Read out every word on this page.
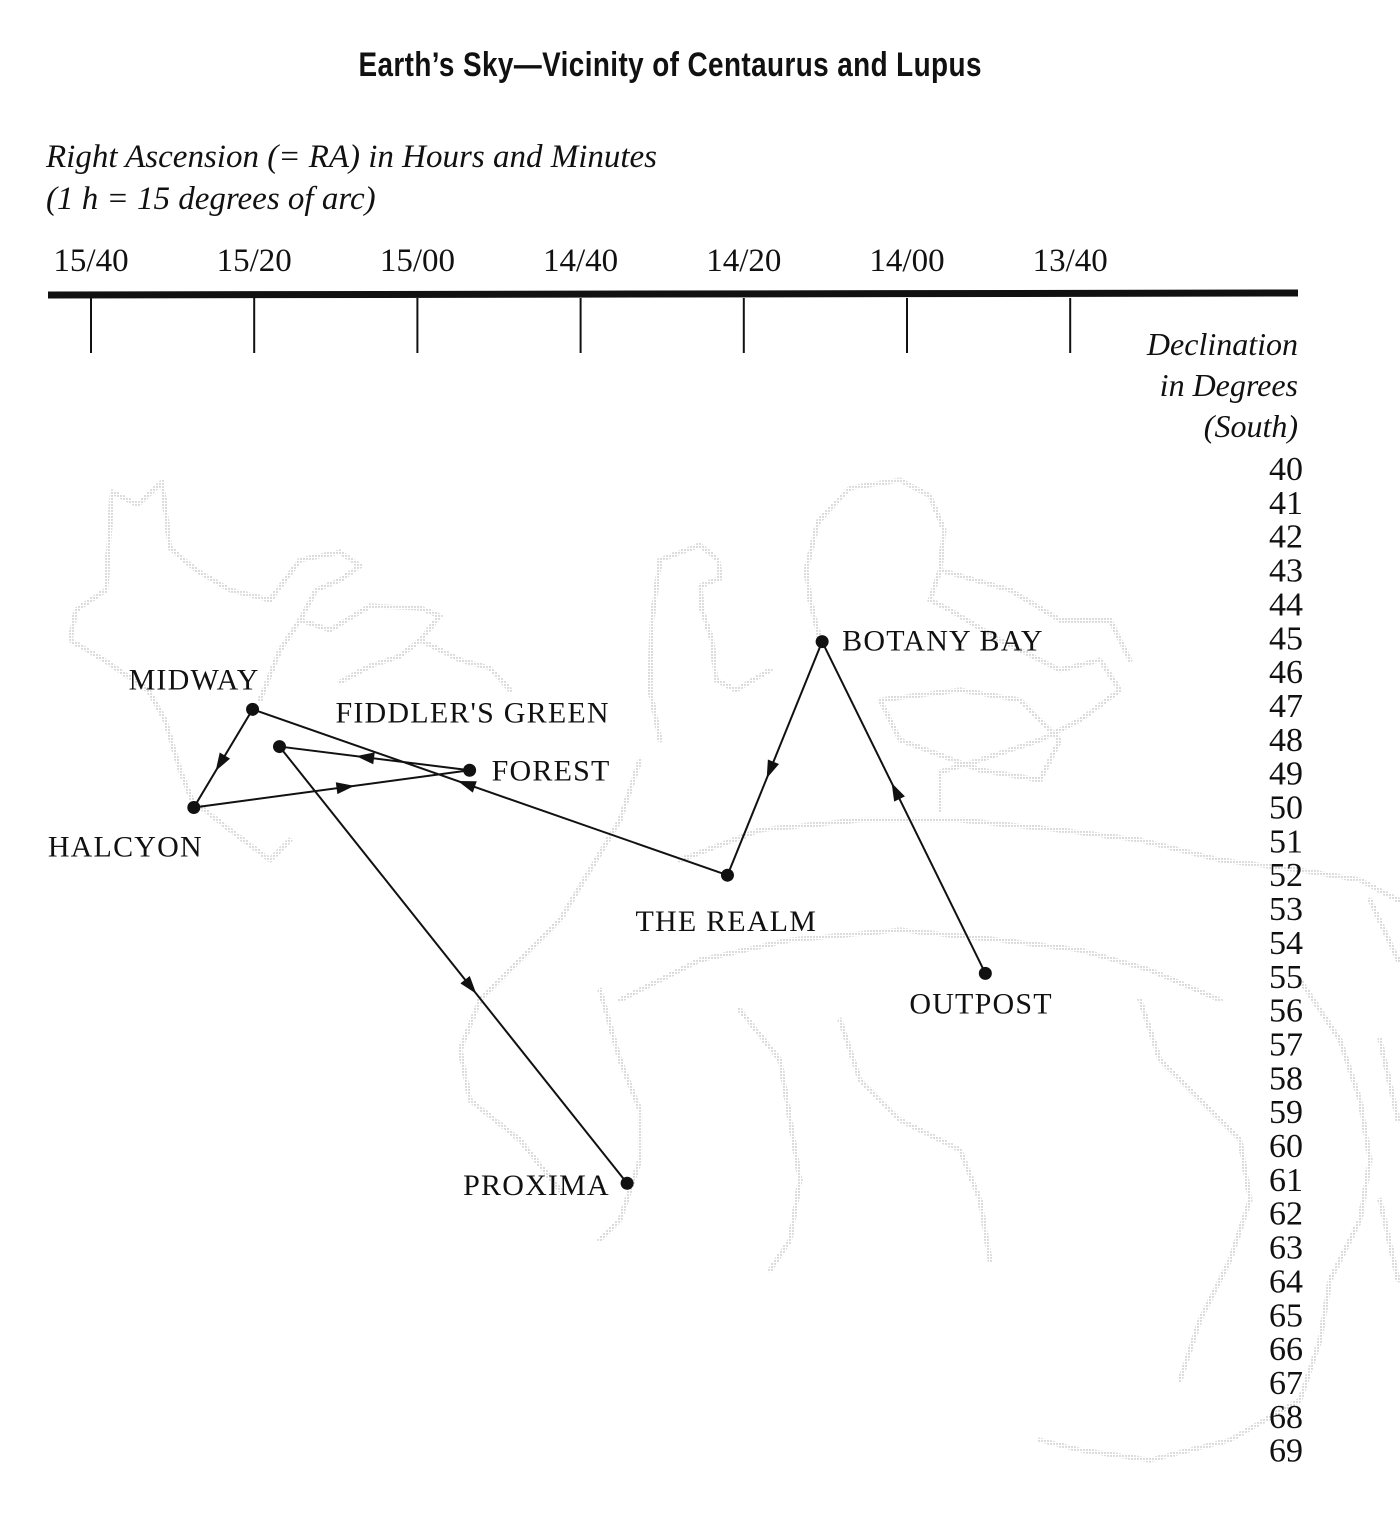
Earth’s Sky—Vicinity of Centaurus and Lupus
Right Ascension (= RA) in Hours and Minutes
(1 h = 15 degrees of arc)
Declination
in Degrees
(South)
15/40	15/20	15/00	14/40	14/20	14/00	13/40
40
41
42
43
44
45
46
47
48
49
50
51
52
53
54
55
56
57
58
59
60
61
62
63
64
65
66
67
68
69
BOTANY BAY
MIDWAY
FIDDLER'S GREEN
FOREST
HALCYON
THE REALM
OUTPOST
PROXIMA
